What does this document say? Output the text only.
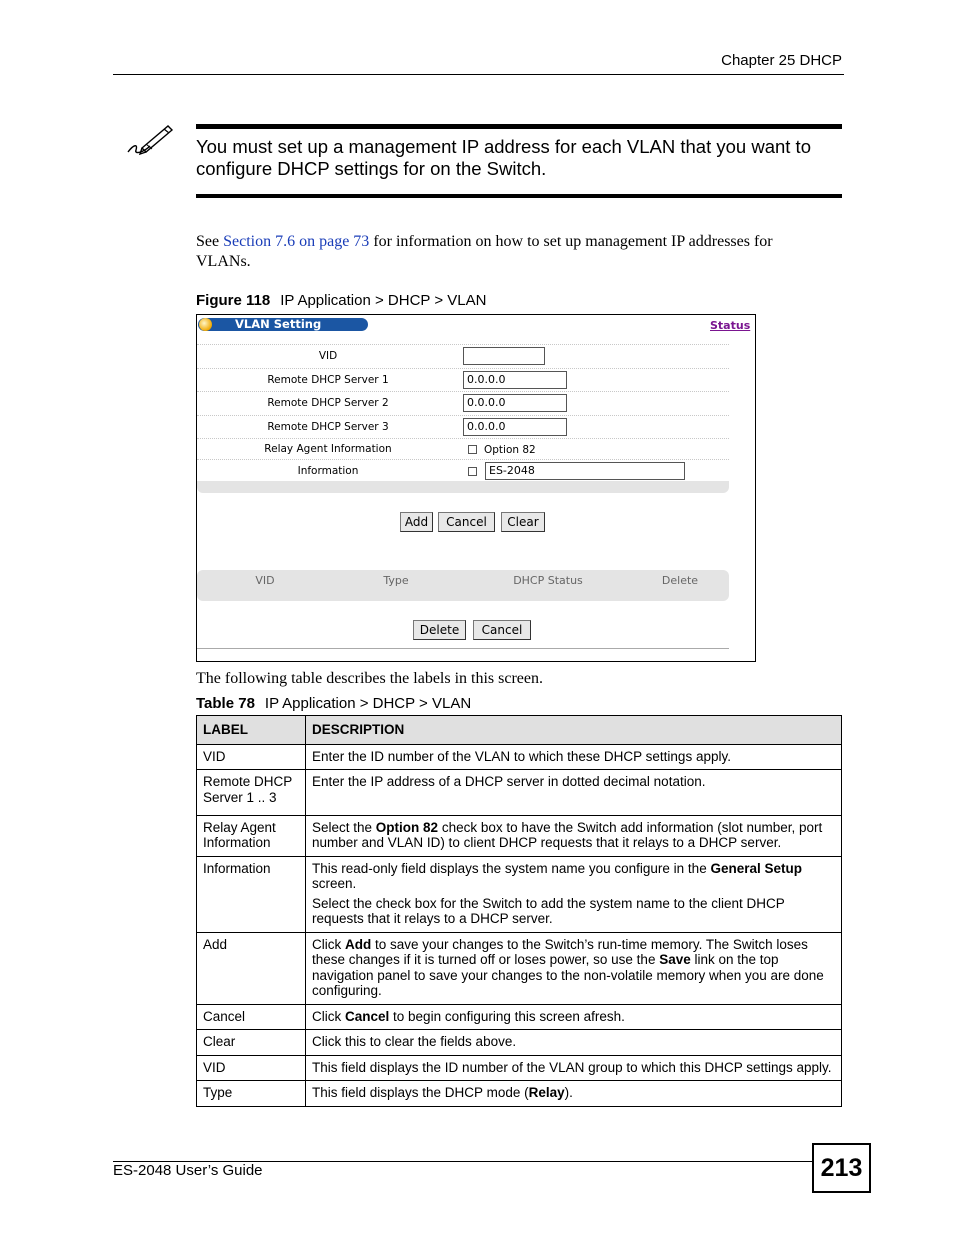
Chapter 25 DHCP
You must set up a management IP address for each VLAN that you want to configure DHCP settings for on the Switch.
See Section 7.6 on page 73 for information on how to set up management IP addresses for VLANs.
Figure 118 IP Application > DHCP > VLAN
VLAN Setting	Status
VID
Remote DHCP Server 1	0.0.0.0
Remote DHCP Server 2	0.0.0.0
Remote DHCP Server 3	0.0.0.0
Relay Agent Information	Option 82
Information	ES-2048
Add	Cancel	Clear
VID	Type	DHCP Status	Delete
Delete	Cancel
The following table describes the labels in this screen.
Table 78 IP Application > DHCP > VLAN
LABEL	DESCRIPTION
VID	Enter the ID number of the VLAN to which these DHCP settings apply.
Remote DHCP Server 1 .. 3	Enter the IP address of a DHCP server in dotted decimal notation.

Relay Agent Information	Select the Option 82 check box to have the Switch add information (slot number, port number and VLAN ID) to client DHCP requests that it relays to a DHCP server.
Information	This read-only field displays the system name you configure in the General Setup screen.

Select the check box for the Switch to add the system name to the client DHCP requests that it relays to a DHCP server.

Add	Click Add to save your changes to the Switch’s run-time memory. The Switch loses these changes if it is turned off or loses power, so use the Save link on the top navigation panel to save your changes to the non-volatile memory when you are done configuring.
Cancel	Click Cancel to begin configuring this screen afresh.
Clear	Click this to clear the fields above.
VID	This field displays the ID number of the VLAN group to which this DHCP settings apply.
Type	This field displays the DHCP mode (Relay).
ES-2048 User’s Guide	213
